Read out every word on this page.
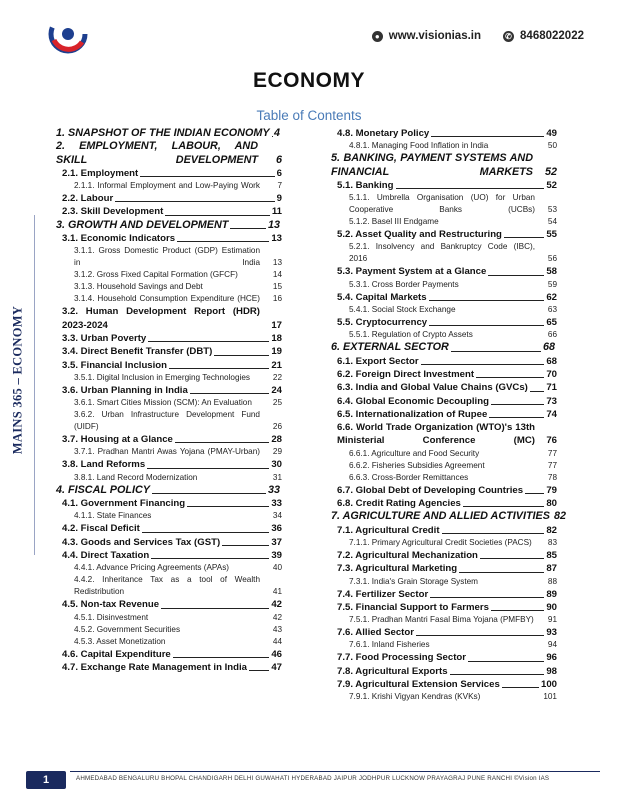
● www.visionias.in	✆ 8468022022
MAINS 365 – ECONOMY
ECONOMY
Table of Contents
1. SNAPSHOT OF THE INDIAN ECONOMY 4
2. EMPLOYMENT, LABOUR, AND SKILL DEVELOPMENT	6
2.1. Employment	6
2.1.1. Informal Employment and Low-Paying Work	7
2.2. Labour	9
2.3. Skill Development	11
3. GROWTH AND DEVELOPMENT	13
3.1. Economic Indicators	13
3.1.1. Gross Domestic Product (GDP) Estimation in India	13
3.1.2. Gross Fixed Capital Formation (GFCF)	14
3.1.3. Household Savings and Debt	15
3.1.4. Household Consumption Expenditure (HCE)	16
3.2. Human Development Report (HDR) 2023-2024	17
3.3. Urban Poverty	18
3.4. Direct Benefit Transfer (DBT)	19
3.5. Financial Inclusion	21
3.5.1. Digital Inclusion in Emerging Technologies	22
3.6. Urban Planning in India	24
3.6.1. Smart Cities Mission (SCM): An Evaluation	25
3.6.2. Urban Infrastructure Development Fund (UIDF)	26
3.7. Housing at a Glance	28
3.7.1. Pradhan Mantri Awas Yojana (PMAY-Urban)	29
3.8. Land Reforms	30
3.8.1. Land Record Modernization	31
4. FISCAL POLICY	33
4.1. Government Financing	33
4.1.1. State Finances	34
4.2. Fiscal Deficit	36
4.3. Goods and Services Tax (GST)	37
4.4. Direct Taxation	39
4.4.1. Advance Pricing Agreements (APAs)	40
4.4.2. Inheritance Tax as a tool of Wealth Redistribution	41
4.5. Non-tax Revenue	42
4.5.1. Disinvestment	42
4.5.2. Government Securities	43
4.5.3. Asset Monetization	44
4.6. Capital Expenditure	46
4.7. Exchange Rate Management in India	47
4.8. Monetary Policy	49
4.8.1. Managing Food Inflation in India	50
5. BANKING, PAYMENT SYSTEMS AND FINANCIAL MARKETS	52
5.1. Banking	52
5.1.1. Umbrella Organisation (UO) for Urban Cooperative Banks (UCBs)	53
5.1.2. Basel III Endgame	54
5.2. Asset Quality and Restructuring	55
5.2.1. Insolvency and Bankruptcy Code (IBC), 2016	56
5.3. Payment System at a Glance	58
5.3.1. Cross Border Payments	59
5.4. Capital Markets	62
5.4.1. Social Stock Exchange	63
5.5. Cryptocurrency	65
5.5.1. Regulation of Crypto Assets	66
6. EXTERNAL SECTOR	68
6.1. Export Sector	68
6.2. Foreign Direct Investment	70
6.3. India and Global Value Chains (GVCs) 71
6.4. Global Economic Decoupling	73
6.5. Internationalization of Rupee	74
6.6. World Trade Organization (WTO)'s 13th Ministerial Conference (MC)	76
6.6.1. Agriculture and Food Security	77
6.6.2. Fisheries Subsidies Agreement	77
6.6.3. Cross-Border Remittances	78
6.7. Global Debt of Developing Countries 79
6.8. Credit Rating Agencies	80
7. AGRICULTURE AND ALLIED ACTIVITIES 82
7.1. Agricultural Credit	82
7.1.1. Primary Agricultural Credit Societies (PACS)	83
7.2. Agricultural Mechanization	85
7.3. Agricultural Marketing	87
7.3.1. India's Grain Storage System	88
7.4. Fertilizer Sector	89
7.5. Financial Support to Farmers	90
7.5.1. Pradhan Mantri Fasal Bima Yojana (PMFBY)	91
7.6. Allied Sector	93
7.6.1. Inland Fisheries	94
7.7. Food Processing Sector	96
7.8. Agricultural Exports	98
7.9. Agricultural Extension Services	100
7.9.1. Krishi Vigyan Kendras (KVKs)	101
1	AHMEDABAD BENGALURU BHOPAL CHANDIGARH DELHI GUWAHATI HYDERABAD JAIPUR JODHPUR LUCKNOW PRAYAGRAJ PUNE RANCHI ©Vision IAS
